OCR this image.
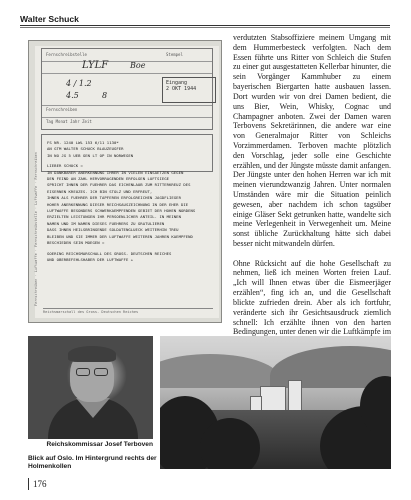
Walter Schuck
Fernschreiben · Luftwaffe · Fernschreibstelle · Luftwaffe · Fernschreiben
Fernschreibstelle
Fernschreiben
Tag Monat Jahr Zeit
Stempel
LYLF	Boe
4 / 1.2
4.5	8
Eingang
2 OKT 1944
FS NR. 1240 LWL 153 6/11 1130*
AN GTM WALTER SCHUCK BLAUZEUGFER
IN NO JG 5 UEB GEN LT OP IN NORWEGEN
LIEBER SCHUCK =
IN DANKBARER ANERKENNUNG IHRER IN VIELEN EINSAETZEN GEGEN
DEN FEIND AN ZAHL HERVORRAGENDEN ERFOLGEN LUFTSIEGE
SPRICHT IHNEN DER FUEHRER DAS EICHENLAUB ZUM RITTERKREUZ DES
EISERNEN KREUZES. ICH BIN STOLZ UND ERFREUT,
IHNEN ALS FUEHRER DER TAPFEREN ERFOLGREICHEN JAGDFLIEGER
HOHER ANERKENNUNG DIESER REICHSAUSZEICHNUNG IN DER EHER DIE
LUFTWAFFE BESONDERS SCHWERKAEMPFENDEN GEBIET DER HOHEN NORDENS
ERZIELTEN LEISTUNGEN IHR PERSOENLICHER ANTEIL. IN MEINEN
NAMEN UND IM NAMEN DIESES FUEHRERS ZU GRATULIEREN
DASS IHNEN HEILSBRINGENDE SOLDATENGLUECK WEITERHIN TREU
BLEIBEN UND SIE IMMER DER LUFTWAFFE WEITEREN JAHREN KAEMPFEND
BESCHIEDEN SEIN MOEGEN =
GOERING REICHSMARSCHALL DES GROSS- DEUTSCHEN REICHES
UND OBERBEFEHLSHABER DER LUFTWAFFE +
Reichsmarschall des Gross- Deutschen Reiches

verdutzten Stabsoffiziere meinem Umgang mit dem Hummerbesteck verfolgten. Nach dem Essen führte uns Ritter von Schleich die Stufen zu einer gut ausgestatteten Kellerbar hinunter, die sein Vorgänger Kammhuber zu einem bayerischen Biergarten hatte ausbauen lassen. Dort wurden wir von drei Damen bedient, die uns Bier, Wein, Whisky, Cognac und Champagner anboten. Zwei der Damen waren Terbovens Sekretärinnen, die andere war eine von Generalmajor Ritter von Schleichs Vorzimmerdamen. Terboven machte plötzlich den Vorschlag, jeder solle eine Geschichte erzählen, und der Jüngste müsste damit anfangen. Der Jüngste unter den hohen Herren war ich mit meinen vierundzwanzig Jahren. Unter normalen Umständen wäre mir die Situation peinlich gewesen, aber nachdem ich schon tagsüber einige Gläser Sekt getrunken hatte, wandelte sich meine Verlegenheit in Verwegenheit um. Meine sonst übliche Zurückhaltung hätte sich dabei besser nicht mitwandeln dürfen.

Ohne Rücksicht auf die hohe Gesellschaft zu nehmen, ließ ich meinen Worten freien Lauf. „Ich will Ihnen etwas über die Eismeerjäger erzählen“, fing ich an, und die Gesellschaft blickte zufrieden drein. Aber als ich fortfuhr, veränderte sich ihr Gesichtsausdruck ziemlich schnell: Ich erzählte ihnen von den harten Bedingungen, unter denen wir die Luftkämpfe im

Reichskommissar Josef Terboven
Blick auf Oslo. Im Hintergrund rechts der Holmenkollen
176
